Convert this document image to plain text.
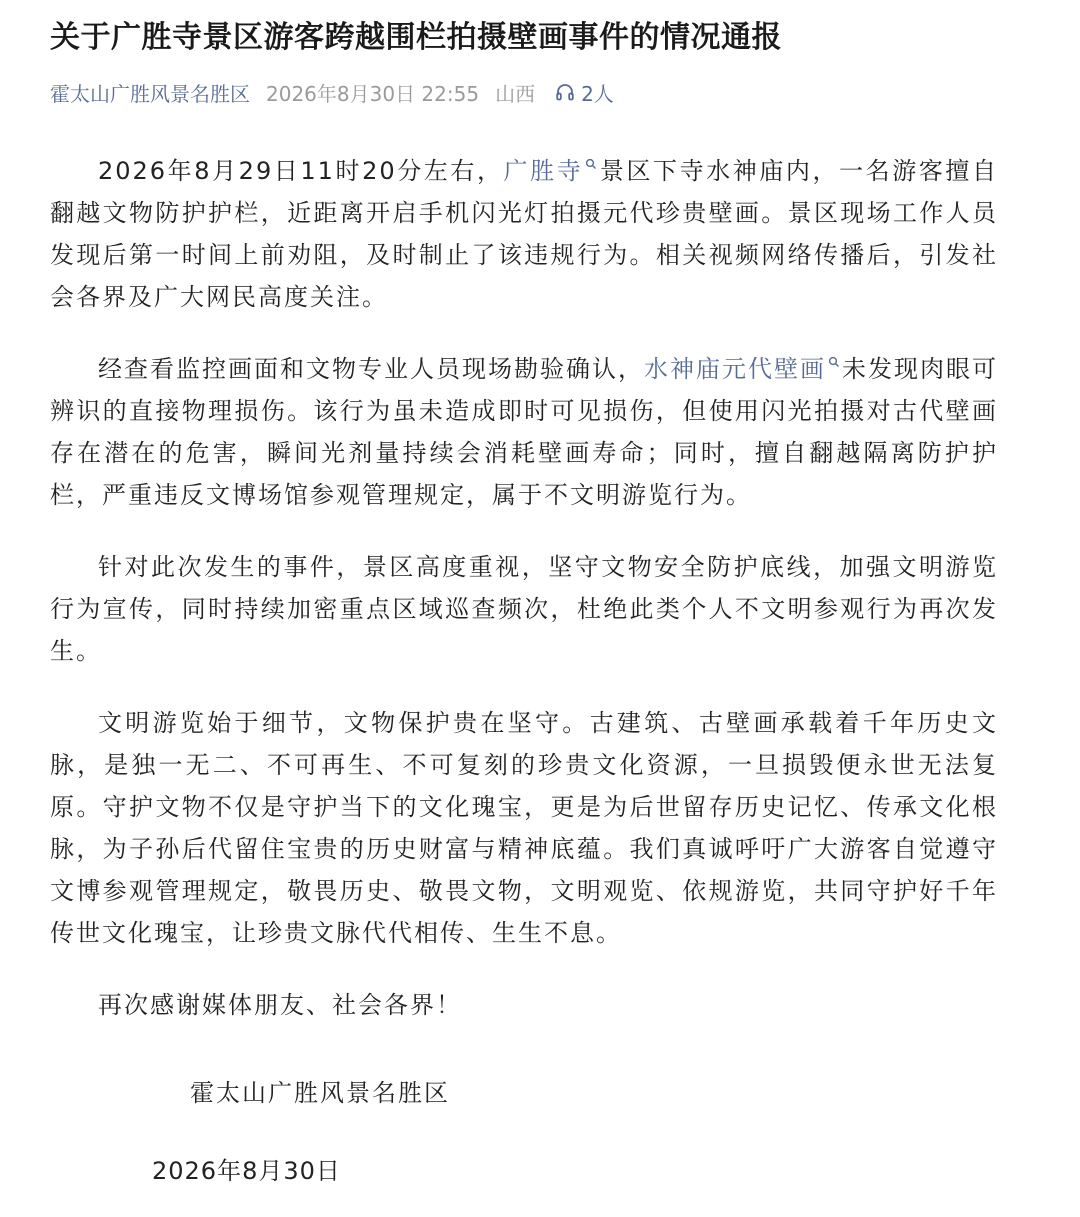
关于广胜寺景区游客跨越围栏拍摄壁画事件的情况通报
霍太山广胜风景名胜区 2026年8月30日 22:55 山西 2人

2026年8月29日11时20分左右，广胜寺 景区下寺水神庙内，一名游客擅自翻越文物防护护栏，近距离开启手机闪光灯拍摄元代珍贵壁画。景区现场工作人员发现后第一时间上前劝阻，及时制止了该违规行为。相关视频网络传播后，引发社会各界及广大网民高度关注。

经查看监控画面和文物专业人员现场勘验确认，水神庙元代壁画 未发现肉眼可辨识的直接物理损伤。该行为虽未造成即时可见损伤，但使用闪光拍摄对古代壁画存在潜在的危害，瞬间光剂量持续会消耗壁画寿命；同时，擅自翻越隔离防护护栏，严重违反文博场馆参观管理规定，属于不文明游览行为。

针对此次发生的事件，景区高度重视，坚守文物安全防护底线，加强文明游览行为宣传，同时持续加密重点区域巡查频次，杜绝此类个人不文明参观行为再次发生。

文明游览始于细节，文物保护贵在坚守。古建筑、古壁画承载着千年历史文脉，是独一无二、不可再生、不可复刻的珍贵文化资源，一旦损毁便永世无法复原。守护文物不仅是守护当下的文化瑰宝，更是为后世留存历史记忆、传承文化根脉，为子孙后代留住宝贵的历史财富与精神底蕴。我们真诚呼吁广大游客自觉遵守文博参观管理规定，敬畏历史、敬畏文物，文明观览、依规游览，共同守护好千年传世文化瑰宝，让珍贵文脉代代相传、生生不息。

再次感谢媒体朋友、社会各界！

霍太山广胜风景名胜区
2026年8月30日
